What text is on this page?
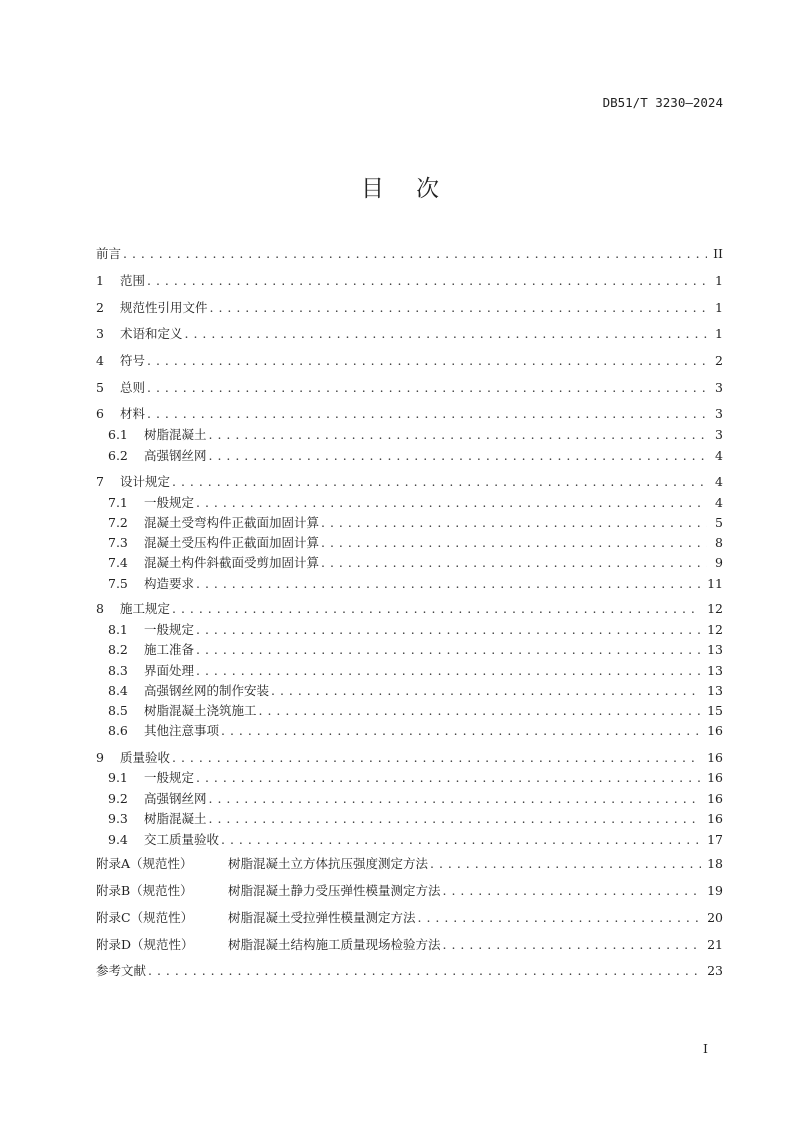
DB51/T 3230—2024
目 次
前言 . . .	II
1	范围 . . .	1
2	规范性引用文件 . . .	1
3	术语和定义 . . .	1
4	符号 . . .	2
5	总则 . . .	3
6	材料 . . .	3
6.1	树脂混凝土 . . .	3
6.2	高强钢丝网 . . .	4
7	设计规定 . . .	4
7.1	一般规定 . . .	4
7.2	混凝土受弯构件正截面加固计算 . . .	5
7.3	混凝土受压构件正截面加固计算 . . .	8
7.4	混凝土构件斜截面受剪加固计算 . . .	9
7.5	构造要求 . . .	11
8	施工规定 . . .	12
8.1	一般规定 . . .	12
8.2	施工准备 . . .	13
8.3	界面处理 . . .	13
8.4	高强钢丝网的制作安装 . . .	13
8.5	树脂混凝土浇筑施工 . . .	15
8.6	其他注意事项 . . .	16
9	质量验收 . . .	16
9.1	一般规定 . . .	16
9.2	高强钢丝网 . . .	16
9.3	树脂混凝土 . . .	16
9.4	交工质量验收 . . .	17
附录A（规范性）	树脂混凝土立方体抗压强度测定方法 . . .	18
附录B（规范性）	树脂混凝土静力受压弹性模量测定方法 . . .	19
附录C（规范性）	树脂混凝土受拉弹性模量测定方法 . . .	20
附录D（规范性）	树脂混凝土结构施工质量现场检验方法 . . .	21
参考文献 . . .	23
I
